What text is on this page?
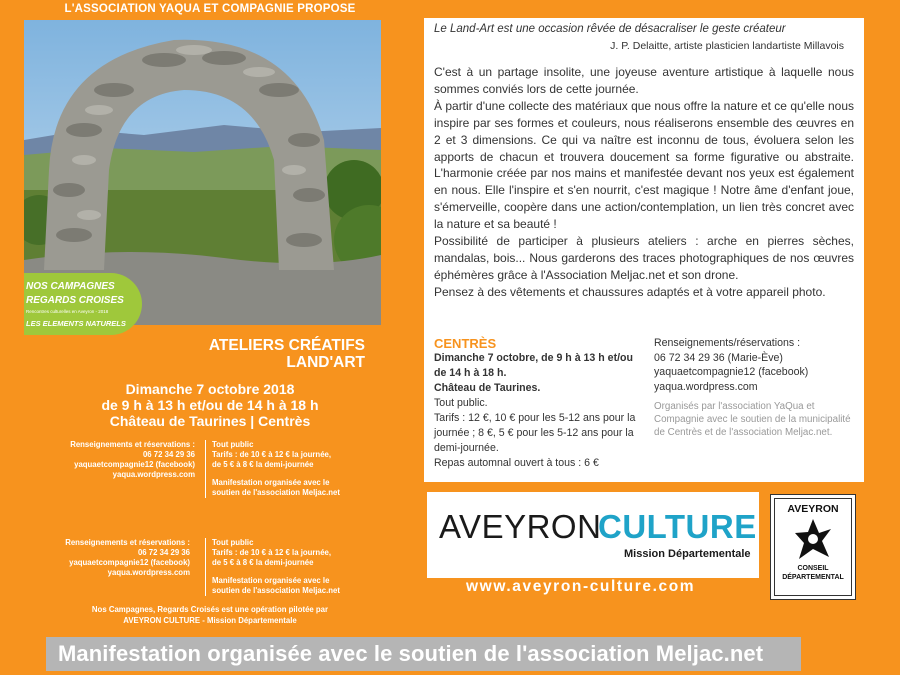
L'ASSOCIATION YAQUA ET COMPAGNIE PROPOSE
NOS CAMPAGNES
REGARDS CROISES
Rencontres culturelles en Aveyron - 2018
LES ELEMENTS NATURELS
ATELIERS CRÉATIFS
LAND'ART
Dimanche 7 octobre 2018
de 9 h à 13 h et/ou de 14 h à 18 h
Château de Taurines | Centrès
Renseignements et réservations :
06 72 34 29 36
yaquaetcompagnie12 (facebook)
yaqua.wordpress.com
Tout public
Tarifs : de 10 € à 12 € la journée,
de 5 € à 8 € la demi-journée
Manifestation organisée avec le
soutien de l'association Meljac.net
Renseignements et réservations :
06 72 34 29 36
yaquaetcompagnie12 (facebook)
yaqua.wordpress.com
Tout public
Tarifs : de 10 € à 12 € la journée,
de 5 € à 8 € la demi-journée
Manifestation organisée avec le
soutien de l'association Meljac.net
Nos Campagnes, Regards Croisés est une opération pilotée par
AVEYRON CULTURE - Mission Départementale
Manifestation organisée avec le soutien de l'association Meljac.net
Le Land-Art est une occasion rêvée de désacraliser le geste créateur
J. P. Delaitte, artiste plasticien landartiste Millavois

C'est à un partage insolite, une joyeuse aventure artistique à laquelle nous sommes conviés lors de cette journée.

À partir d'une collecte des matériaux que nous offre la nature et ce qu'elle nous inspire par ses formes et couleurs, nous réaliserons ensemble des œuvres en 2 et 3 dimensions. Ce qui va naître est inconnu de tous, évoluera selon les apports de chacun et trouvera doucement sa forme figurative ou abstraite. L'harmonie créée par nos mains et manifestée devant nos yeux est également en nous. Elle l'inspire et s'en nourrit, c'est magique ! Notre âme d'enfant joue, s'émerveille, coopère dans une action/contemplation, un lien très concret avec la nature et sa beauté !

Possibilité de participer à plusieurs ateliers : arche en pierres sèches, mandalas, bois... Nous garderons des traces photographiques de nos œuvres éphémères grâce à l'Association Meljac.net et son drone.

Pensez à des vêtements et chaussures adaptés et à votre appareil photo.

CENTRÈS
Dimanche 7 octobre, de 9 h à 13 h et/ou de 14 h à 18 h.
Château de Taurines.
Tout public.
Tarifs : 12 €, 10 € pour les 5-12 ans pour la journée ; 8 €, 5 € pour les 5-12 ans pour la demi-journée.
Repas automnal ouvert à tous : 6 €
Renseignements/réservations :
06 72 34 29 36 (Marie-Ève)
yaquaetcompagnie12 (facebook)
yaqua.wordpress.com
Organisés par l'association YaQua et Compagnie avec le soutien de la municipalité de Centrès et de l'association Meljac.net.
AVEYRON
CULTURE
Mission Départementale
www.aveyron-culture.com
AVEYRON
CONSEIL
DÉPARTEMENTAL
